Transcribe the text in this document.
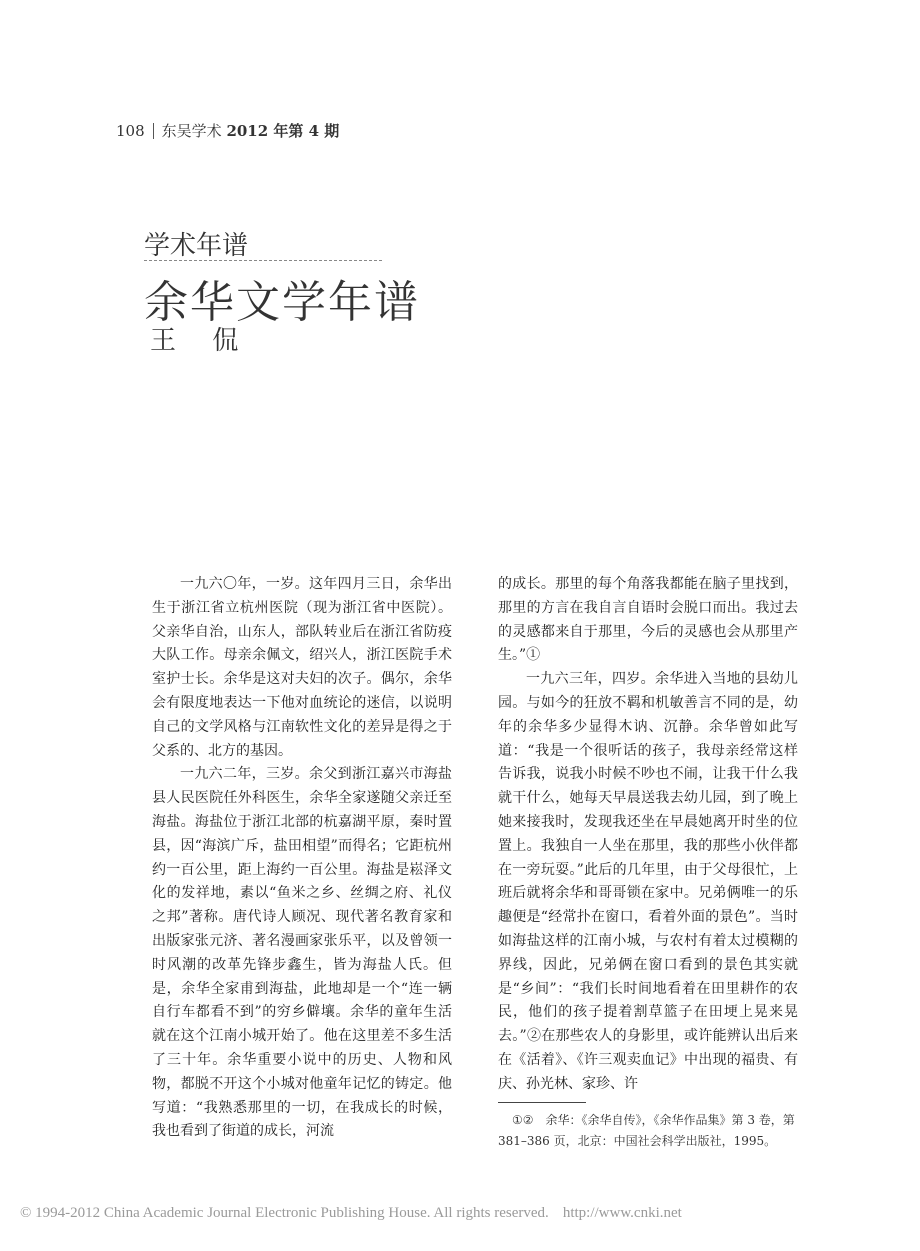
108 东吴学术 2012 年第 4 期
学术年谱
余华文学年谱
王 侃

一九六〇年，一岁。这年四月三日，余华出生于浙江省立杭州医院（现为浙江省中医院）。父亲华自治，山东人，部队转业后在浙江省防疫大队工作。母亲余佩文，绍兴人，浙江医院手术室护士长。余华是这对夫妇的次子。偶尔，余华会有限度地表达一下他对血统论的迷信，以说明自己的文学风格与江南软性文化的差异是得之于父系的、北方的基因。

一九六二年，三岁。余父到浙江嘉兴市海盐县人民医院任外科医生，余华全家遂随父亲迁至海盐。海盐位于浙江北部的杭嘉湖平原，秦时置县，因“海滨广斥，盐田相望”而得名；它距杭州约一百公里，距上海约一百公里。海盐是崧泽文化的发祥地，素以“鱼米之乡、丝绸之府、礼仪之邦”著称。唐代诗人顾况、现代著名教育家和出版家张元济、著名漫画家张乐平，以及曾领一时风潮的改革先锋步鑫生，皆为海盐人氏。但是，余华全家甫到海盐，此地却是一个“连一辆自行车都看不到”的穷乡僻壤。余华的童年生活就在这个江南小城开始了。他在这里差不多生活了三十年。余华重要小说中的历史、人物和风物，都脱不开这个小城对他童年记忆的铸定。他写道：“我熟悉那里的一切，在我成长的时候，我也看到了街道的成长，河流

的成长。那里的每个角落我都能在脑子里找到，那里的方言在我自言自语时会脱口而出。我过去的灵感都来自于那里，今后的灵感也会从那里产生。”①

一九六三年，四岁。余华进入当地的县幼儿园。与如今的狂放不羁和机敏善言不同的是，幼年的余华多少显得木讷、沉静。余华曾如此写道：“我是一个很听话的孩子，我母亲经常这样告诉我，说我小时候不吵也不闹，让我干什么我就干什么，她每天早晨送我去幼儿园，到了晚上她来接我时，发现我还坐在早晨她离开时坐的位置上。我独自一人坐在那里，我的那些小伙伴都在一旁玩耍。”此后的几年里，由于父母很忙，上班后就将余华和哥哥锁在家中。兄弟俩唯一的乐趣便是“经常扑在窗口，看着外面的景色”。当时如海盐这样的江南小城，与农村有着太过模糊的界线，因此，兄弟俩在窗口看到的景色其实就是“乡间”：“我们长时间地看着在田里耕作的农民，他们的孩子提着割草篮子在田埂上晃来晃去。”②在那些农人的身影里，或许能辨认出后来在《活着》、《许三观卖血记》中出现的福贵、有庆、孙光林、家珍、许

①② 余华：《余华自传》，《余华作品集》第 3 卷，第 381–386 页，北京：中国社会科学出版社，1995。
© 1994-2012 China Academic Journal Electronic Publishing House. All rights reserved. http://www.cnki.net
